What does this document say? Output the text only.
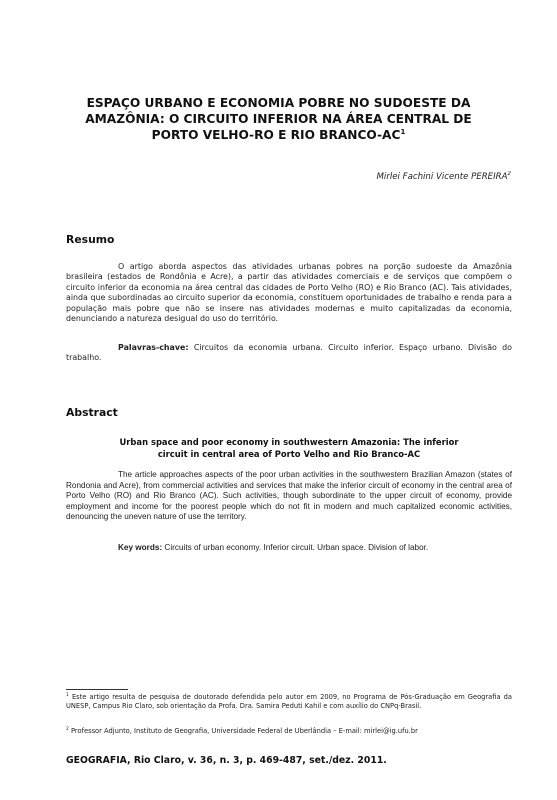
ESPAÇO URBANO E ECONOMIA POBRE NO SUDOESTE DA
AMAZÔNIA: O CIRCUITO INFERIOR NA ÁREA CENTRAL DE
PORTO VELHO-RO E RIO BRANCO-$AC^1$
Mirlei Fachini Vicente PEREIRA$^2$
Resumo

O artigo aborda aspectos das atividades urbanas pobres na porção sudoeste da Amazônia brasileira (estados de Rondônia e Acre), a partir das atividades comerciais e de serviços que compõem o circuito inferior da economia na área central das cidades de Porto Velho (RO) e Rio Branco (AC). Tais atividades, ainda que subordinadas ao circuito superior da economia, constituem oportunidades de trabalho e renda para a população mais pobre que não se insere nas atividades modernas e muito capitalizadas da economia, denunciando a natureza desigual do uso do território.

Palavras-chave: Circuitos da economia urbana. Circuito inferior. Espaço urbano. Divisão do trabalho.

Abstract
Urban space and poor economy in southwestern Amazonia: The inferior
circuit in central area of Porto Velho and Rio Branco-AC

The article approaches aspects of the poor urban activities in the southwestern Brazilian Amazon (states of Rondonia and Acre), from commercial activities and services that make the inferior circuit of economy in the central area of Porto Velho (RO) and Rio Branco (AC). Such activities, though subordinate to the upper circuit of economy, provide employment and income for the poorest people which do not fit in modern and much capitalized economic activities, denouncing the uneven nature of use the territory.

Key words: Circuits of urban economy. Inferior circuit. Urban space. Division of labor.

$^1$ Este artigo resulta de pesquisa de doutorado defendida pelo autor em 2009, no Programa de Pós-Graduação em Geografia da UNESP, Campus Rio Claro, sob orientação da Profa. Dra. Samira Peduti Kahil e com auxílio do CNPq-Brasil.

$^2$ Professor Adjunto, Instituto de Geografia, Universidade Federal de Uberlândia – E-mail: mirlei@ig.ufu.br

GEOGRAFIA, Rio Claro, v. 36, n. 3, p. 469-487, set./dez. 2011.
